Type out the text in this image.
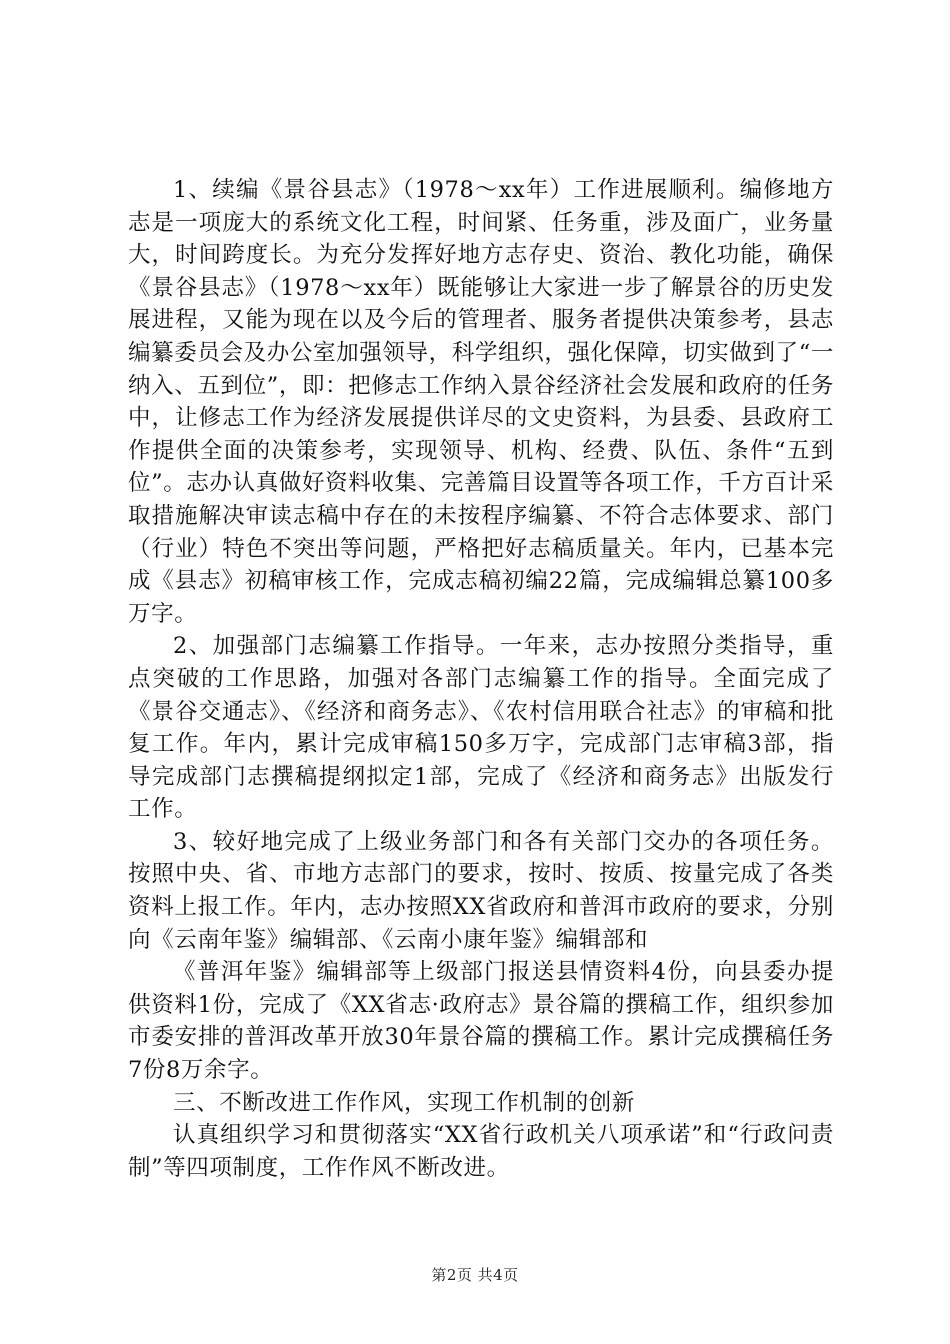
1、续编《景谷县志》（1978～xx年）工作进展顺利。编修地方志是一项庞大的系统文化工程，时间紧、任务重，涉及面广，业务量大，时间跨度长。为充分发挥好地方志存史、资治、教化功能，确保《景谷县志》（1978～xx年）既能够让大家进一步了解景谷的历史发展进程，又能为现在以及今后的管理者、服务者提供决策参考，县志编纂委员会及办公室加强领导，科学组织，强化保障，切实做到了“一纳入、五到位”，即：把修志工作纳入景谷经济社会发展和政府的任务中，让修志工作为经济发展提供详尽的文史资料，为县委、县政府工作提供全面的决策参考，实现领导、机构、经费、队伍、条件“五到位”。志办认真做好资料收集、完善篇目设置等各项工作，千方百计采取措施解决审读志稿中存在的未按程序编纂、不符合志体要求、部门（行业）特色不突出等问题，严格把好志稿质量关。年内，已基本完成《县志》初稿审核工作，完成志稿初编22篇，完成编辑总纂100多万字。

2、加强部门志编纂工作指导。一年来，志办按照分类指导，重点突破的工作思路，加强对各部门志编纂工作的指导。全面完成了《景谷交通志》、《经济和商务志》、《农村信用联合社志》的审稿和批复工作。年内，累计完成审稿150多万字，完成部门志审稿3部，指导完成部门志撰稿提纲拟定1部，完成了《经济和商务志》出版发行工作。

3、较好地完成了上级业务部门和各有关部门交办的各项任务。按照中央、省、市地方志部门的要求，按时、按质、按量完成了各类资料上报工作。年内，志办按照XX省政府和普洱市政府的要求，分别向《云南年鉴》编辑部、《云南小康年鉴》编辑部和

《普洱年鉴》编辑部等上级部门报送县情资料4份，向县委办提供资料1份，完成了《XX省志·政府志》景谷篇的撰稿工作，组织参加市委安排的普洱改革开放30年景谷篇的撰稿工作。累计完成撰稿任务7份8万余字。

三、不断改进工作作风，实现工作机制的创新

认真组织学习和贯彻落实“XX省行政机关八项承诺”和“行政问责制”等四项制度，工作作风不断改进。

第2页 共4页
